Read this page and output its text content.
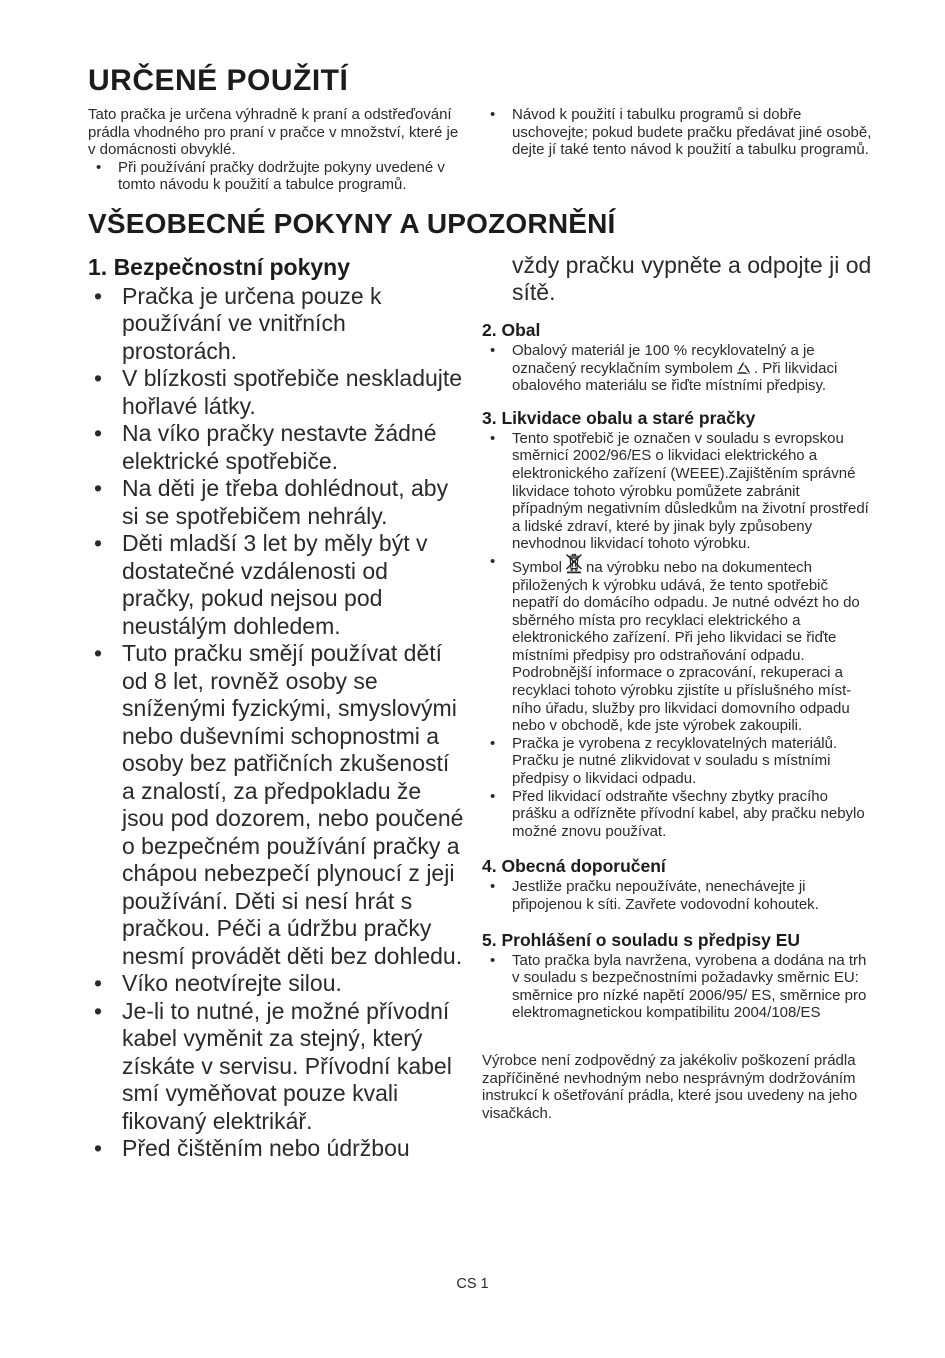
URČENÉ POUŽITÍ

Tato pračka je určena výhradně k praní a odstřeďování prádla vhodného pro praní v pračce v množství, které je v domácnosti obvyklé.

• Při používání pračky dodržujte pokyny uvedené v tomto návodu k použití a tabulce programů.
• Návod k použití i tabulku programů si dobře uschovejte; pokud budete pračku předávat jiné osobě, dejte jí také tento návod k použití a tabulku programů.
VŠEOBECNÉ POKYNY A UPOZORNĚNÍ
1. Bezpečnostní pokyny
• Pračka je určena pouze k používání ve vnitřních prostorách.
• V blízkosti spotřebiče neskladujte hořlavé látky.
• Na víko pračky nestavte žádné elektrické spotřebiče.
• Na děti je třeba dohlédnout, aby si se spotřebičem nehrály.
• Děti mladší 3 let by měly být v dostatečné vzdálenosti od pračky, pokud nejsou pod neustálým dohledem.
• Tuto pračku smějí používat dětí od 8 let, rovněž osoby se sníženými fyzickými, smyslovými nebo duševními schopnostmi a osoby bez patřičních zkušeností a znalostí, za předpokladu že jsou pod dozorem, nebo poučené o bezpečném používání pračky a chápou nebezpečí plynoucí z jeji používání. Děti si nesí hrát s pračkou. Péči a údržbu pračky nesmí provádět děti bez dohledu.
• Víko neotvírejte silou.
• Je-li to nutné, je možné přívodní kabel vyměnit za stejný, který získáte v servisu. Přívodní kabel smí vyměňovat pouze kvali fikovaný elektrikář.
• Před čištěním nebo údržbou
vždy pračku vypněte a odpojte ji od sítě.
2. Obal
• Obalový materiál je 100 % recyklovatelný a je označený recyklačním symbolem . Při likvidaci obalového materiálu se řiďte místními předpisy.
3. Likvidace obalu a staré pračky
• Tento spotřebič je označen v souladu s evropskou směrnicí 2002/96/ES o likvidaci elektrického a elektronického zařízení (WEEE).Zajištěním správné likvidace tohoto výrobku pomůžete zabránit případným negativním důsledkům na životní prostředí a lidské zdraví, které by jinak byly způsobeny nevhodnou likvidací tohoto výrobku.
• Symbol na výrobku nebo na dokumentech přiložených k výrobku udává, že tento spotřebič nepatří do domácího odpadu. Je nutné odvézt ho do sběrného místa pro recyklaci elektrického a elektronického zařízení. Při jeho likvidaci se řiďte místními předpisy pro odstraňování odpadu. Podrobnější informace o zpracování, rekuperaci a recyklaci tohoto výrobku zjistíte u příslušného míst-ního úřadu, služby pro likvidaci domovního odpadu nebo v obchodě, kde jste výrobek zakoupili.
• Pračka je vyrobena z recyklovatelných materiálů. Pračku je nutné zlikvidovat v souladu s místními předpisy o likvidaci odpadu.
• Před likvidací odstraňte všechny zbytky pracího prášku a odřízněte přívodní kabel, aby pračku nebylo možné znovu používat.
4. Obecná doporučení
• Jestliže pračku nepoužíváte, nenechávejte ji připojenou k síti. Zavřete vodovodní kohoutek.
5. Prohlášení o souladu s předpisy EU
• Tato pračka byla navržena, vyrobena a dodána na trh v souladu s bezpečnostními požadavky směrnic EU: směrnice pro nízké napětí 2006/95/ ES, směrnice pro elektromagnetickou kompatibilitu 2004/108/ES

Výrobce není zodpovědný za jakékoliv poškození prádla zapříčiněné nevhodným nebo nesprávným dodržováním instrukcí k ošetřování prádla, které jsou uvedeny na jeho visačkách.

CS 1
